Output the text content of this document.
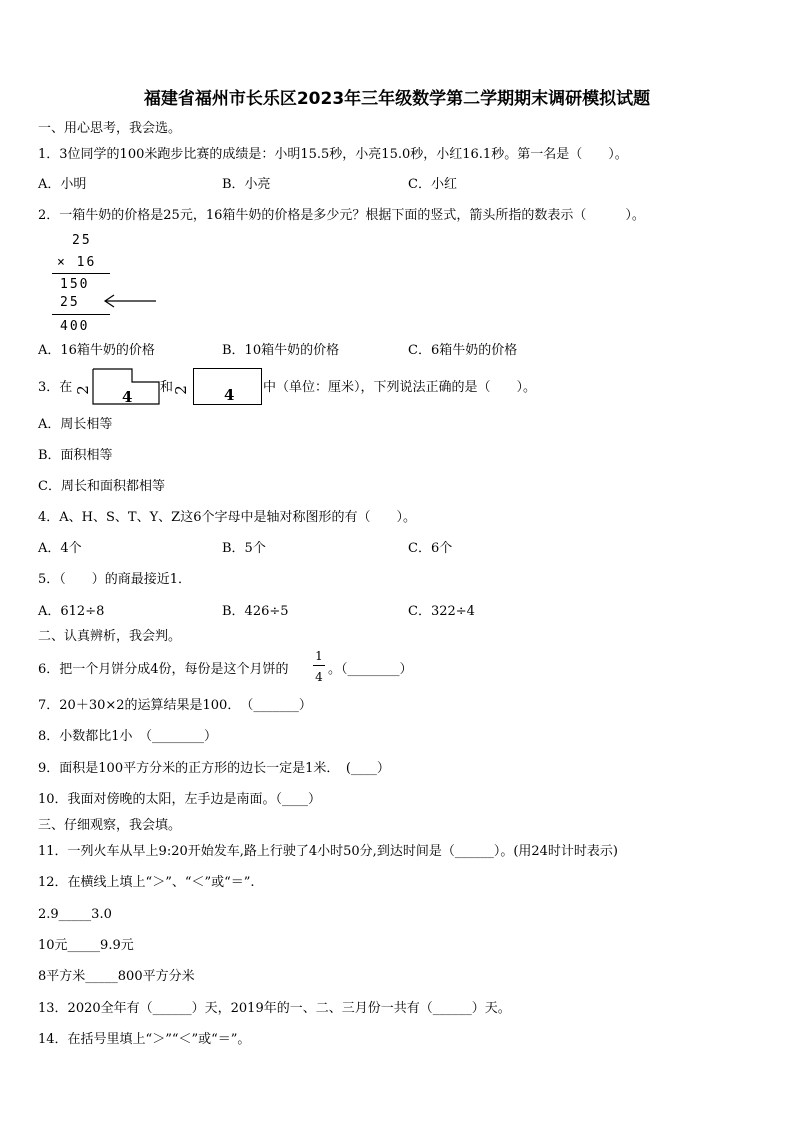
福建省福州市长乐区2023年三年级数学第二学期期末调研模拟试题
一、用心思考，我会选。
1．3位同学的100米跑步比赛的成绩是：小明15.5秒，小亮15.0秒，小红16.1秒。第一名是（　　）。
A．小明	B．小亮	C．小红
2．一箱牛奶的价格是25元，16箱牛奶的价格是多少元？根据下面的竖式，箭头所指的数表示（　　　）。
25
× 16
150
25
400
A．16箱牛奶的价格	B．10箱牛奶的价格	C．6箱牛奶的价格
3．在 2 4
和
2 4 中（单位：厘米），下列说法正确的是（　　）。
A．周长相等
B．面积相等
C．周长和面积都相等
4．A、H、S、T、Y、Z这6个字母中是轴对称图形的有（　　）。
A．4个	B．5个	C．6个
5．（　　）的商最接近1．
A．612÷8	B．426÷5	C．322÷4
二、认真辨析，我会判。
6．把一个月饼分成4份，每份是这个月饼的
1
4 。（________）
7．20＋30×2的运算结果是100．　（_______）
8．小数都比1小　（________）
9．面积是100平方分米的正方形的边长一定是1米．　(____）
10．我面对傍晚的太阳，左手边是南面。（____）
三、仔细观察，我会填。
11．一列火车从早上9:20开始发车,路上行驶了4小时50分,到达时间是（______）。(用24时计时表示)
12．在横线上填上“＞”、“＜”或“＝”.
2.9_____3.0
10元_____9.9元
8平方米_____800平方分米
13．2020全年有（______）天，2019年的一、二、三月份一共有（______）天。
14．在括号里填上“＞”“＜”或“＝”。
